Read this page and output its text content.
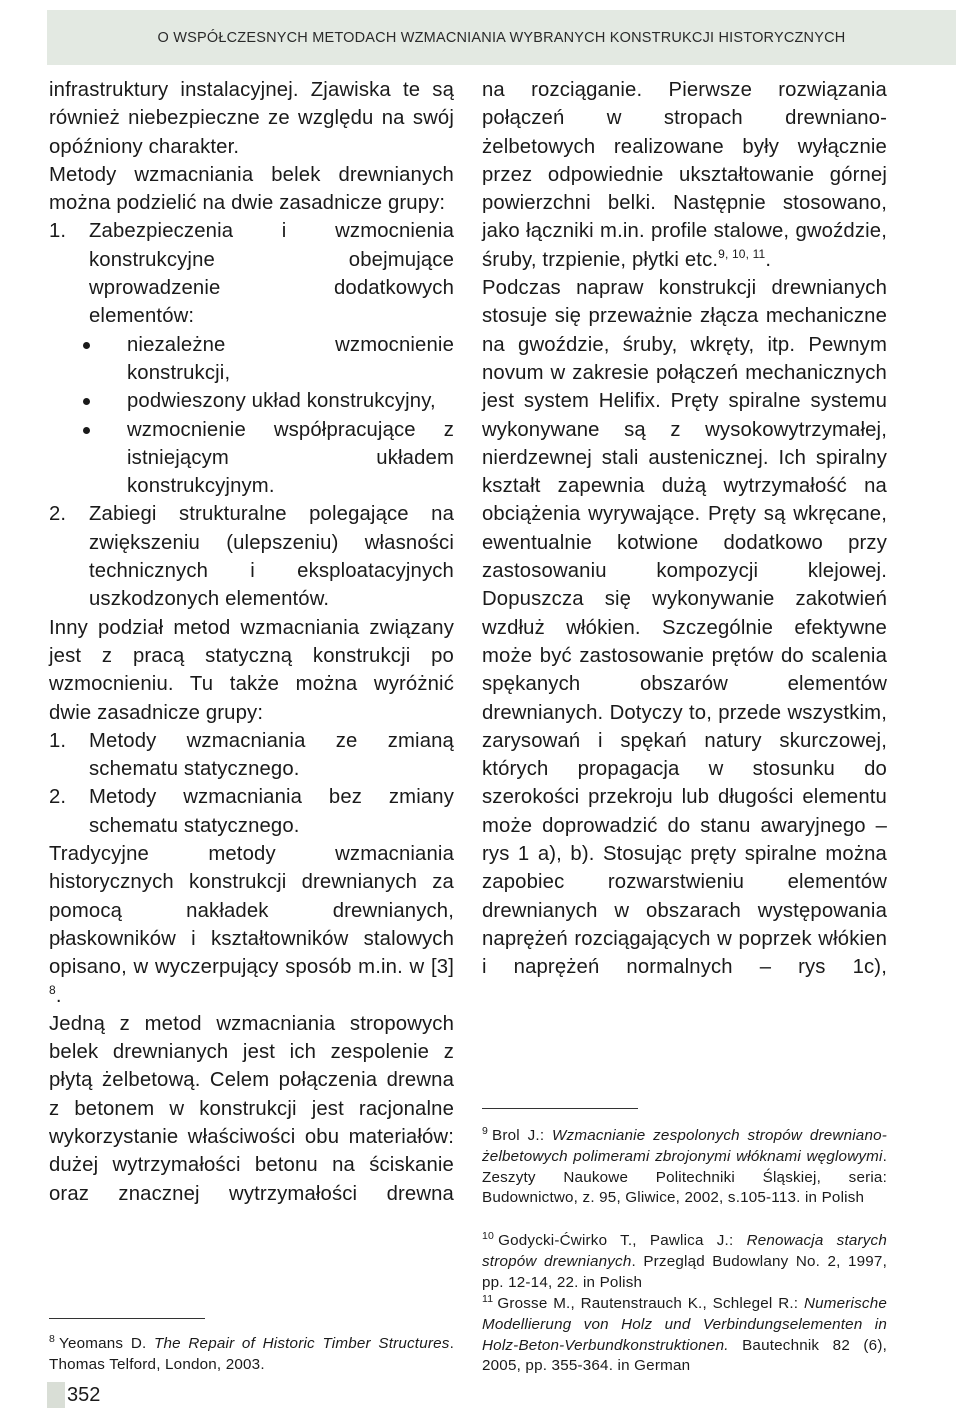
O WSPÓŁCZESNYCH METODACH WZMACNIANIA WYBRANYCH KONSTRUKCJI HISTORYCZNYCH

infrastruktury instalacyjnej. Zjawiska te są również niebezpieczne ze względu na swój opóźniony charakter.

Metody wzmacniania belek drewnianych można podzielić na dwie zasadnicze grupy:

1.	Zabezpieczenia i wzmocnienia konstrukcyjne obejmujące wprowadzenie dodatkowych elementów:
niezależne wzmocnienie konstrukcji,
podwieszony układ konstrukcyjny,
wzmocnienie współpracujące z istniejącym układem konstrukcyjnym.
2.	Zabiegi strukturalne polegające na zwiększeniu (ulepszeniu) własności technicznych i eksploatacyjnych uszkodzonych elementów.

Inny podział metod wzmacniania związany jest z pracą statyczną konstrukcji po wzmocnieniu. Tu także można wyróżnić dwie zasadnicze grupy:

1.	Metody wzmacniania ze zmianą schematu statycznego.
2.	Metody wzmacniania bez zmiany schematu statycznego.

Tradycyjne metody wzmacniania historycznych konstrukcji drewnianych za pomocą nakładek drewnianych, płaskowników i kształtowników stalowych opisano, w wyczerpujący sposób m.in. w [3] $^8$.

Jedną z metod wzmacniania stropowych belek drewnianych jest ich zespolenie z płytą żelbetową. Celem połączenia drewna z betonem w konstrukcji jest racjonalne wykorzystanie właściwości obu materiałów: dużej wytrzymałości betonu na ściskanie oraz znacznej wytrzymałości drewna

na rozciąganie. Pierwsze rozwiązania połączeń w stropach drewniano-żelbetowych realizowane były wyłącznie przez odpowiednie ukształtowanie górnej powierzchni belki. Następnie stosowano, jako łączniki m.in. profile stalowe, gwoździe, śruby, trzpienie, płytki etc.$^{9, 10, 11}$.

Podczas napraw konstrukcji drewnianych stosuje się przeważnie złącza mechaniczne na gwoździe, śruby, wkręty, itp. Pewnym novum w zakresie połączeń mechanicznych jest system Helifix. Pręty spiralne systemu wykonywane są z wysokowytrzymałej, nierdzewnej stali austenicznej. Ich spiralny kształt zapewnia dużą wytrzymałość na obciążenia wyrywające. Pręty są wkręcane, ewentualnie kotwione dodatkowo przy zastosowaniu kompozycji klejowej. Dopuszcza się wykonywanie zakotwień wzdłuż włókien. Szczególnie efektywne może być zastosowanie prętów do scalenia spękanych obszarów elementów drewnianych. Dotyczy to, przede wszystkim, zarysowań i spękań natury skurczowej, których propagacja w stosunku do szerokości przekroju lub długości elementu może doprowadzić do stanu awaryjnego – rys 1 a), b). Stosując pręty spiralne można zapobiec rozwarstwieniu elementów drewnianych w obszarach występowania naprężeń rozciągających w poprzek włókien i naprężeń normalnych – rys 1c),

$^8$ Yeomans D. The Repair of Historic Timber Structures. Thomas Telford, London, 2003.
$^9$ Brol J.: Wzmacnianie zespolonych stropów drewniano-żelbetowych polimerami zbrojonymi włóknami węglowymi. Zeszyty Naukowe Politechniki Śląskiej, seria: Budownictwo, z. 95, Gliwice, 2002, s.105-113. in Polish
$^{10}$ Godycki-Ćwirko T., Pawlica J.: Renowacja starych stropów drewnianych. Przegląd Budowlany No. 2, 1997, pp. 12-14, 22. in Polish
$^{11}$ Grosse M., Rautenstrauch K., Schlegel R.: Numerische Modellierung von Holz und Verbindungselementen in Holz-Beton-Verbundkonstruktionen. Bautechnik 82 (6), 2005, pp. 355-364. in German
352
